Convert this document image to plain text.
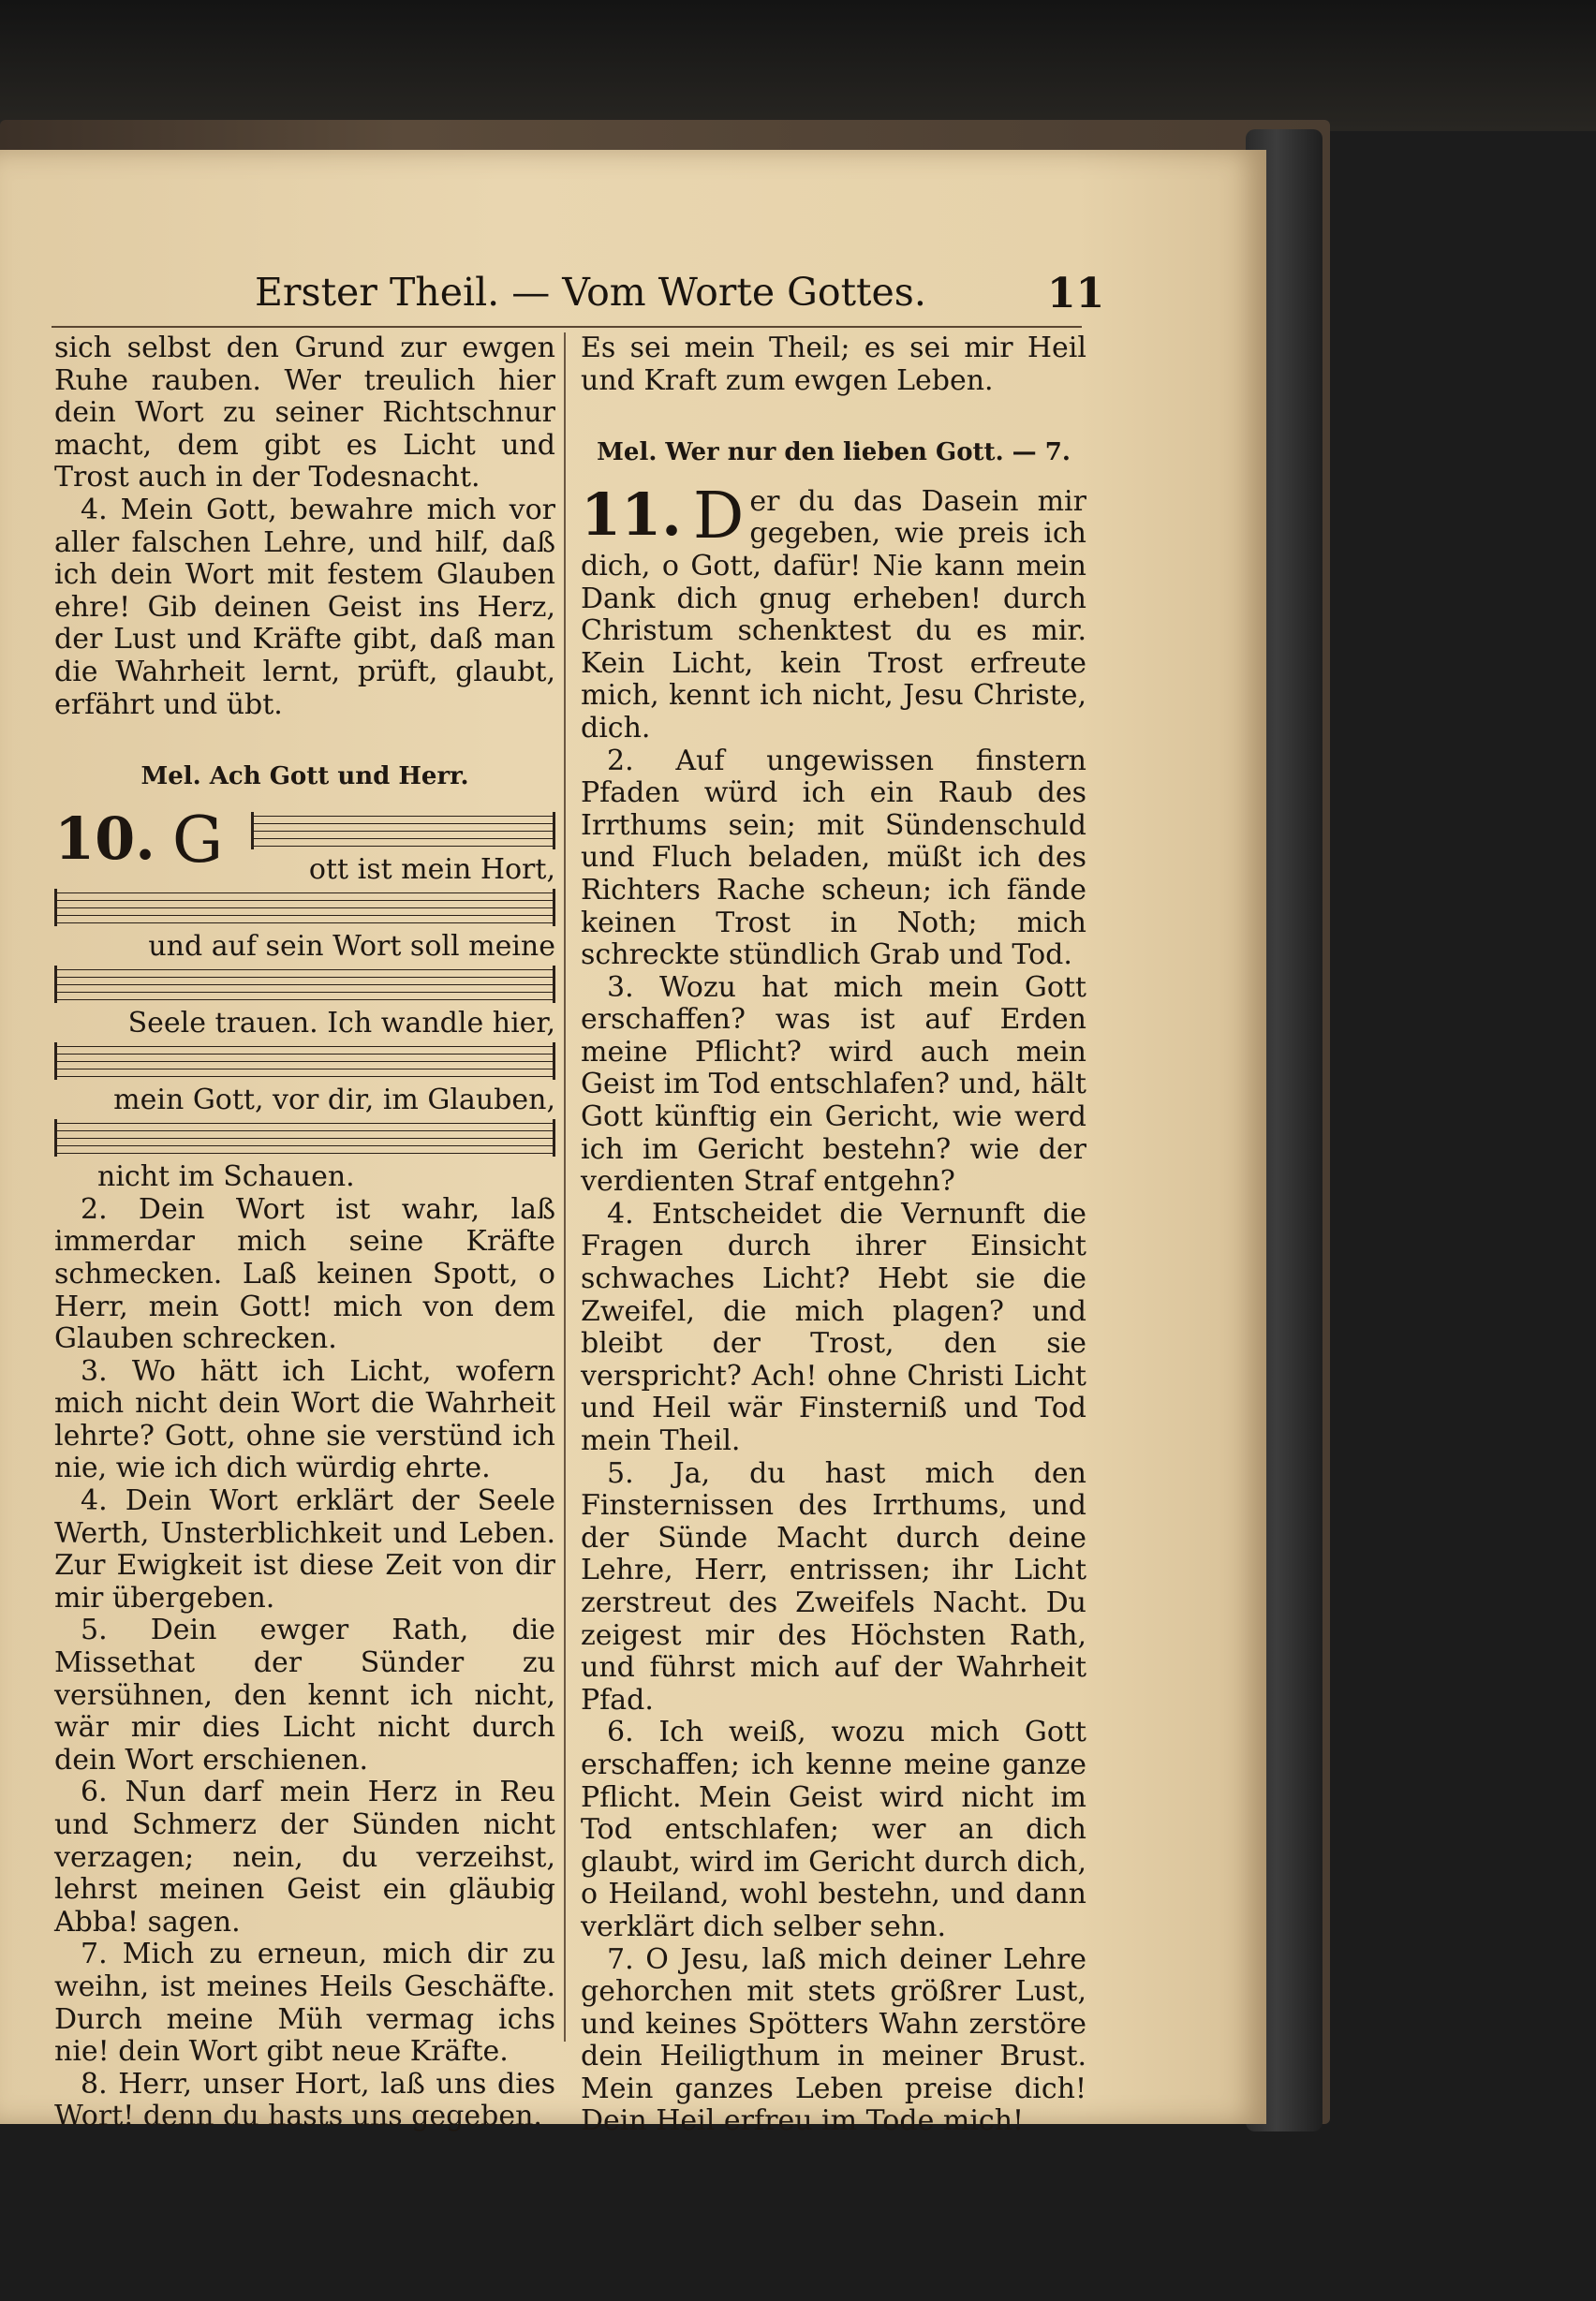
Erster Theil. — Vom Worte Gottes.	11

sich selbst den Grund zur ewgen Ruhe rauben. Wer treulich hier dein Wort zu seiner Richtschnur macht, dem gibt es Licht und Trost auch in der Todesnacht.

4. Mein Gott, bewahre mich vor aller falschen Lehre, und hilf, daß ich dein Wort mit festem Glauben ehre! Gib deinen Geist ins Herz, der Lust und Kräfte gibt, daß man die Wahrheit lernt, prüft, glaubt, erfährt und übt.

Mel. Ach Gott und Herr.

10. G	ott ist mein Hort,
und auf sein Wort soll meine
Seele trauen. Ich wandle hier,
mein Gott, vor dir, im Glauben,
nicht im Schauen.

2. Dein Wort ist wahr, laß immerdar mich seine Kräfte schmecken. Laß keinen Spott, o Herr, mein Gott! mich von dem Glauben schrecken.

3. Wo hätt ich Licht, wofern mich nicht dein Wort die Wahrheit lehrte? Gott, ohne sie verstünd ich nie, wie ich dich würdig ehrte.

4. Dein Wort erklärt der Seele Werth, Unsterblichkeit und Leben. Zur Ewigkeit ist diese Zeit von dir mir übergeben.

5. Dein ewger Rath, die Missethat der Sünder zu versühnen, den kennt ich nicht, wär mir dies Licht nicht durch dein Wort erschienen.

6. Nun darf mein Herz in Reu und Schmerz der Sünden nicht verzagen; nein, du verzeihst, lehrst meinen Geist ein gläubig Abba! sagen.

7. Mich zu erneun, mich dir zu weihn, ist meines Heils Geschäfte. Durch meine Müh vermag ichs nie! dein Wort gibt neue Kräfte.

8. Herr, unser Hort, laß uns dies Wort! denn du hasts uns gegeben.

Es sei mein Theil; es sei mir Heil und Kraft zum ewgen Leben.

Mel. Wer nur den lieben Gott. — 7.

11. D er du das Dasein mir gegeben, wie preis ich dich, o Gott, dafür! Nie kann mein Dank dich gnug erheben! durch Christum schenktest du es mir. Kein Licht, kein Trost erfreute mich, kennt ich nicht, Jesu Christe, dich.

2. Auf ungewissen finstern Pfaden würd ich ein Raub des Irrthums sein; mit Sündenschuld und Fluch beladen, müßt ich des Richters Rache scheun; ich fände keinen Trost in Noth; mich schreckte stündlich Grab und Tod.

3. Wozu hat mich mein Gott erschaffen? was ist auf Erden meine Pflicht? wird auch mein Geist im Tod entschlafen? und, hält Gott künftig ein Gericht, wie werd ich im Gericht bestehn? wie der verdienten Straf entgehn?

4. Entscheidet die Vernunft die Fragen durch ihrer Einsicht schwaches Licht? Hebt sie die Zweifel, die mich plagen? und bleibt der Trost, den sie verspricht? Ach! ohne Christi Licht und Heil wär Finsterniß und Tod mein Theil.

5. Ja, du hast mich den Finsternissen des Irrthums, und der Sünde Macht durch deine Lehre, Herr, entrissen; ihr Licht zerstreut des Zweifels Nacht. Du zeigest mir des Höchsten Rath, und führst mich auf der Wahrheit Pfad.

6. Ich weiß, wozu mich Gott erschaffen; ich kenne meine ganze Pflicht. Mein Geist wird nicht im Tod entschlafen; wer an dich glaubt, wird im Gericht durch dich, o Heiland, wohl bestehn, und dann verklärt dich selber sehn.

7. O Jesu, laß mich deiner Lehre gehorchen mit stets größrer Lust, und keines Spötters Wahn zerstöre dein Heiligthum in meiner Brust. Mein ganzes Leben preise dich! Dein Heil erfreu im Tode mich!
